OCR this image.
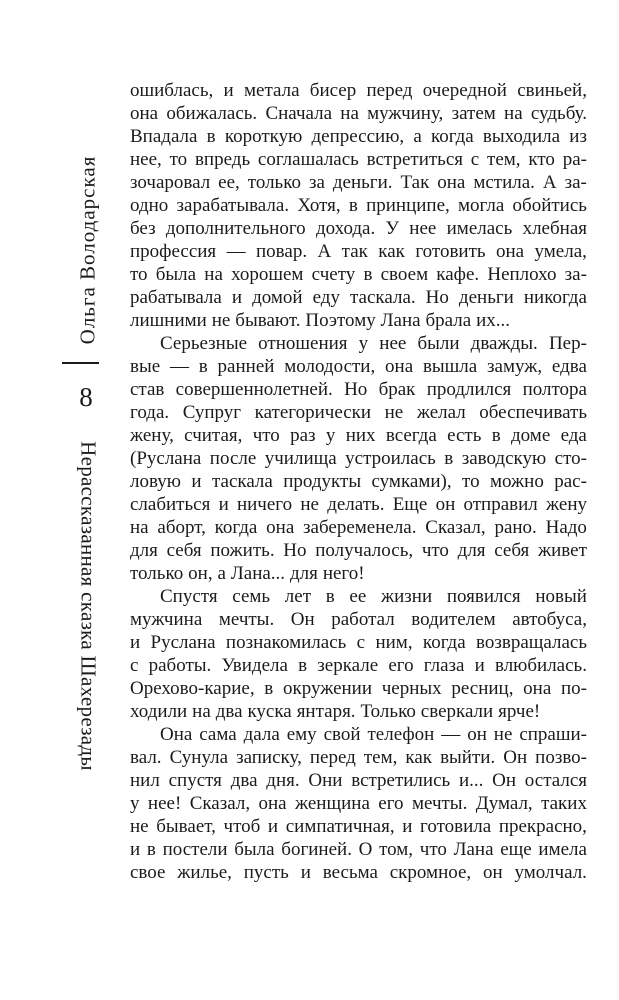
Ольга Володарская
8
Нерассказанная сказка Шахерезады
ошиблась, и метала бисер перед очередной свиньей,
она обижалась. Сначала на мужчину, затем на судьбу.
Впадала в короткую депрессию, а когда выходила из
нее, то впредь соглашалась встретиться с тем, кто ра-
зочаровал ее, только за деньги. Так она мстила. А за-
одно зарабатывала. Хотя, в принципе, могла обойтись
без дополнительного дохода. У нее имелась хлебная
профессия — повар. А так как готовить она умела,
то была на хорошем счету в своем кафе. Неплохо за-
рабатывала и домой еду таскала. Но деньги никогда
лишними не бывают. Поэтому Лана брала их...
Серьезные отношения у нее были дважды. Пер-
вые — в ранней молодости, она вышла замуж, едва
став совершеннолетней. Но брак продлился полтора
года. Супруг категорически не желал обеспечивать
жену, считая, что раз у них всегда есть в доме еда
(Руслана после училища устроилась в заводскую сто-
ловую и таскала продукты сумками), то можно рас-
слабиться и ничего не делать. Еще он отправил жену
на аборт, когда она забеременела. Сказал, рано. Надо
для себя пожить. Но получалось, что для себя живет
только он, а Лана... для него!
Спустя семь лет в ее жизни появился новый
мужчина мечты. Он работал водителем автобуса,
и Руслана познакомилась с ним, когда возвращалась
с работы. Увидела в зеркале его глаза и влюбилась.
Орехово-карие, в окружении черных ресниц, она по-
ходили на два куска янтаря. Только сверкали ярче!
Она сама дала ему свой телефон — он не спраши-
вал. Сунула записку, перед тем, как выйти. Он позво-
нил спустя два дня. Они встретились и... Он остался
у нее! Сказал, она женщина его мечты. Думал, таких
не бывает, чтоб и симпатичная, и готовила прекрасно,
и в постели была богиней. О том, что Лана еще имела
свое жилье, пусть и весьма скромное, он умолчал.
